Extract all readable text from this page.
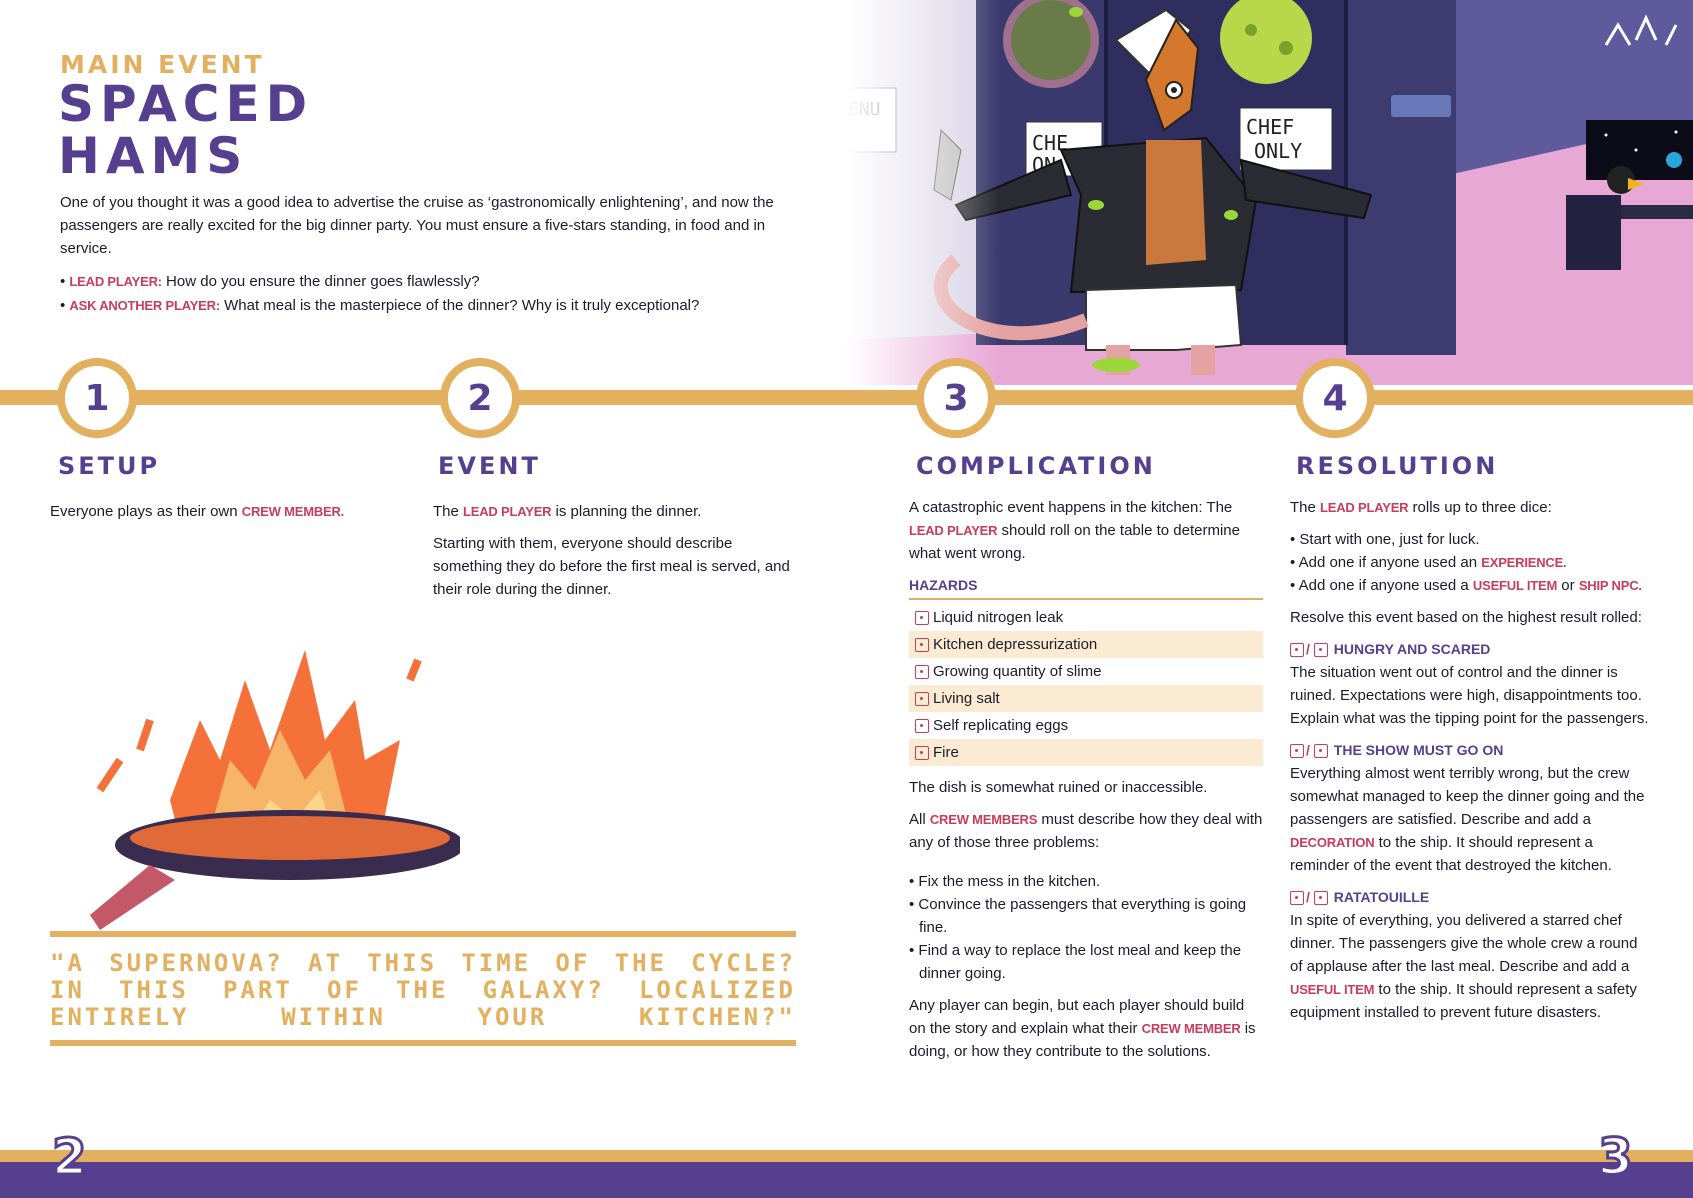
MAIN EVENT
SPACED
HAMS
One of you thought it was a good idea to advertise the cruise as ‘gastronomically enlightening’, and now the passengers are really excited for the big dinner party. You must ensure a five-stars standing, in food and in service.
• LEAD PLAYER: How do you ensure the dinner goes flawlessly?
• ASK ANOTHER PLAYER: What meal is the masterpiece of the dinner? Why is it truly exceptional?
1	2	3	4
SETUP	EVENT	COMPLICATION	RESOLUTION

Everyone plays as their own CREW MEMBER.	The LEAD PLAYER is planning the dinner.

Starting with them, everyone should describe something they do before the first meal is served, and their role during the dinner.

"A SUPERNOVA? AT THIS TIME OF THE CYCLE? IN THIS PART OF THE GALAXY? LOCALIZED ENTIRELY WITHIN YOUR KITCHEN?"

A catastrophic event happens in the kitchen: The LEAD PLAYER should roll on the table to determine what went wrong.

HAZARDS
Liquid nitrogen leak
Kitchen depressurization
Growing quantity of slime
Living salt
Self replicating eggs
Fire

The dish is somewhat ruined or inaccessible.

All CREW MEMBERS must describe how they deal with any of those three problems:

• Fix the mess in the kitchen.
• Convince the passengers that everything is going fine.
• Find a way to replace the lost meal and keep the dinner going.

Any player can begin, but each player should build on the story and explain what their CREW MEMBER is doing, or how they contribute to the solutions.

The LEAD PLAYER rolls up to three dice:

• Start with one, just for luck.
• Add one if anyone used an EXPERIENCE.
• Add one if anyone used a USEFUL ITEM or SHIP NPC.

Resolve this event based on the highest result rolled:

/ HUNGRY AND SCARED

The situation went out of control and the dinner is ruined. Expectations were high, disappointments too. Explain what was the tipping point for the passengers.

/ THE SHOW MUST GO ON

Everything almost went terribly wrong, but the crew somewhat managed to keep the dinner going and the passengers are satisfied. Describe and add a DECORATION to the ship. It should represent a reminder of the event that destroyed the kitchen.

/ RATATOUILLE

In spite of everything, you delivered a starred chef dinner. The passengers give the whole crew a round of applause after the last meal. Describe and add a USEFUL ITEM to the ship. It should represent a safety equipment installed to prevent future disasters.

2	3
